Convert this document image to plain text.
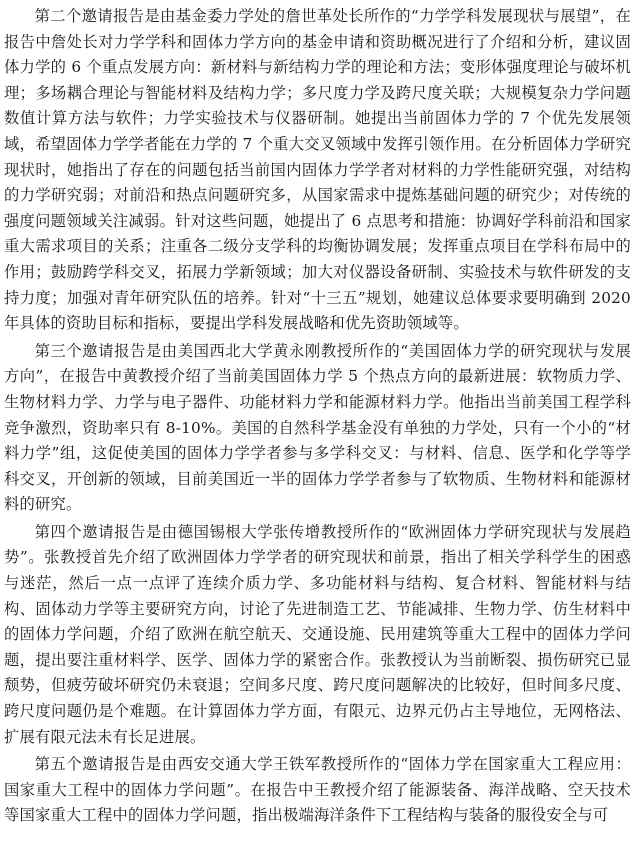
第二个邀请报告是由基金委力学处的詹世革处长所作的“力学学科发展现状与展望”，在报告中詹处长对力学学科和固体力学方向的基金申请和资助概况进行了介绍和分析，建议固体力学的 6 个重点发展方向：新材料与新结构力学的理论和方法；变形体强度理论与破坏机理；多场耦合理论与智能材料及结构力学；多尺度力学及跨尺度关联；大规模复杂力学问题数值计算方法与软件；力学实验技术与仪器研制。她提出当前固体力学的 7 个优先发展领域，希望固体力学学者能在力学的 7 个重大交叉领域中发挥引领作用。在分析固体力学研究现状时，她指出了存在的问题包括当前国内固体力学学者对材料的力学性能研究强，对结构的力学研究弱；对前沿和热点问题研究多，从国家需求中提炼基础问题的研究少；对传统的强度问题领域关注减弱。针对这些问题，她提出了 6 点思考和措施：协调好学科前沿和国家重大需求项目的关系；注重各二级分支学科的均衡协调发展；发挥重点项目在学科布局中的作用；鼓励跨学科交叉，拓展力学新领域；加大对仪器设备研制、实验技术与软件研发的支持力度；加强对青年研究队伍的培养。针对“十三五”规划，她建议总体要求要明确到 2020 年具体的资助目标和指标，要提出学科发展战略和优先资助领域等。

第三个邀请报告是由美国西北大学黄永刚教授所作的“美国固体力学的研究现状与发展方向”，在报告中黄教授介绍了当前美国固体力学 5 个热点方向的最新进展：软物质力学、生物材料力学、力学与电子器件、功能材料力学和能源材料力学。他指出当前美国工程学科竞争激烈，资助率只有 8-10%。美国的自然科学基金没有单独的力学处，只有一个小的“材料力学”组，这促使美国的固体力学学者参与多学科交叉：与材料、信息、医学和化学等学科交叉，开创新的领域，目前美国近一半的固体力学学者参与了软物质、生物材料和能源材料的研究。

第四个邀请报告是由德国锡根大学张传增教授所作的“欧洲固体力学研究现状与发展趋势”。张教授首先介绍了欧洲固体力学学者的研究现状和前景，指出了相关学科学生的困惑与迷茫，然后一点一点评了连续介质力学、多功能材料与结构、复合材料、智能材料与结构、固体动力学等主要研究方向，讨论了先进制造工艺、节能减排、生物力学、仿生材料中的固体力学问题，介绍了欧洲在航空航天、交通设施、民用建筑等重大工程中的固体力学问题，提出要注重材料学、医学、固体力学的紧密合作。张教授认为当前断裂、损伤研究已显颓势，但疲劳破坏研究仍未衰退；空间多尺度、跨尺度问题解决的比较好，但时间多尺度、跨尺度问题仍是个难题。在计算固体力学方面，有限元、边界元仍占主导地位，无网格法、扩展有限元法未有长足进展。

第五个邀请报告是由西安交通大学王铁军教授所作的“固体力学在国家重大工程应用：国家重大工程中的固体力学问题”。在报告中王教授介绍了能源装备、海洋战略、空天技术等国家重大工程中的固体力学问题，指出极端海洋条件下工程结构与装备的服役安全与可
